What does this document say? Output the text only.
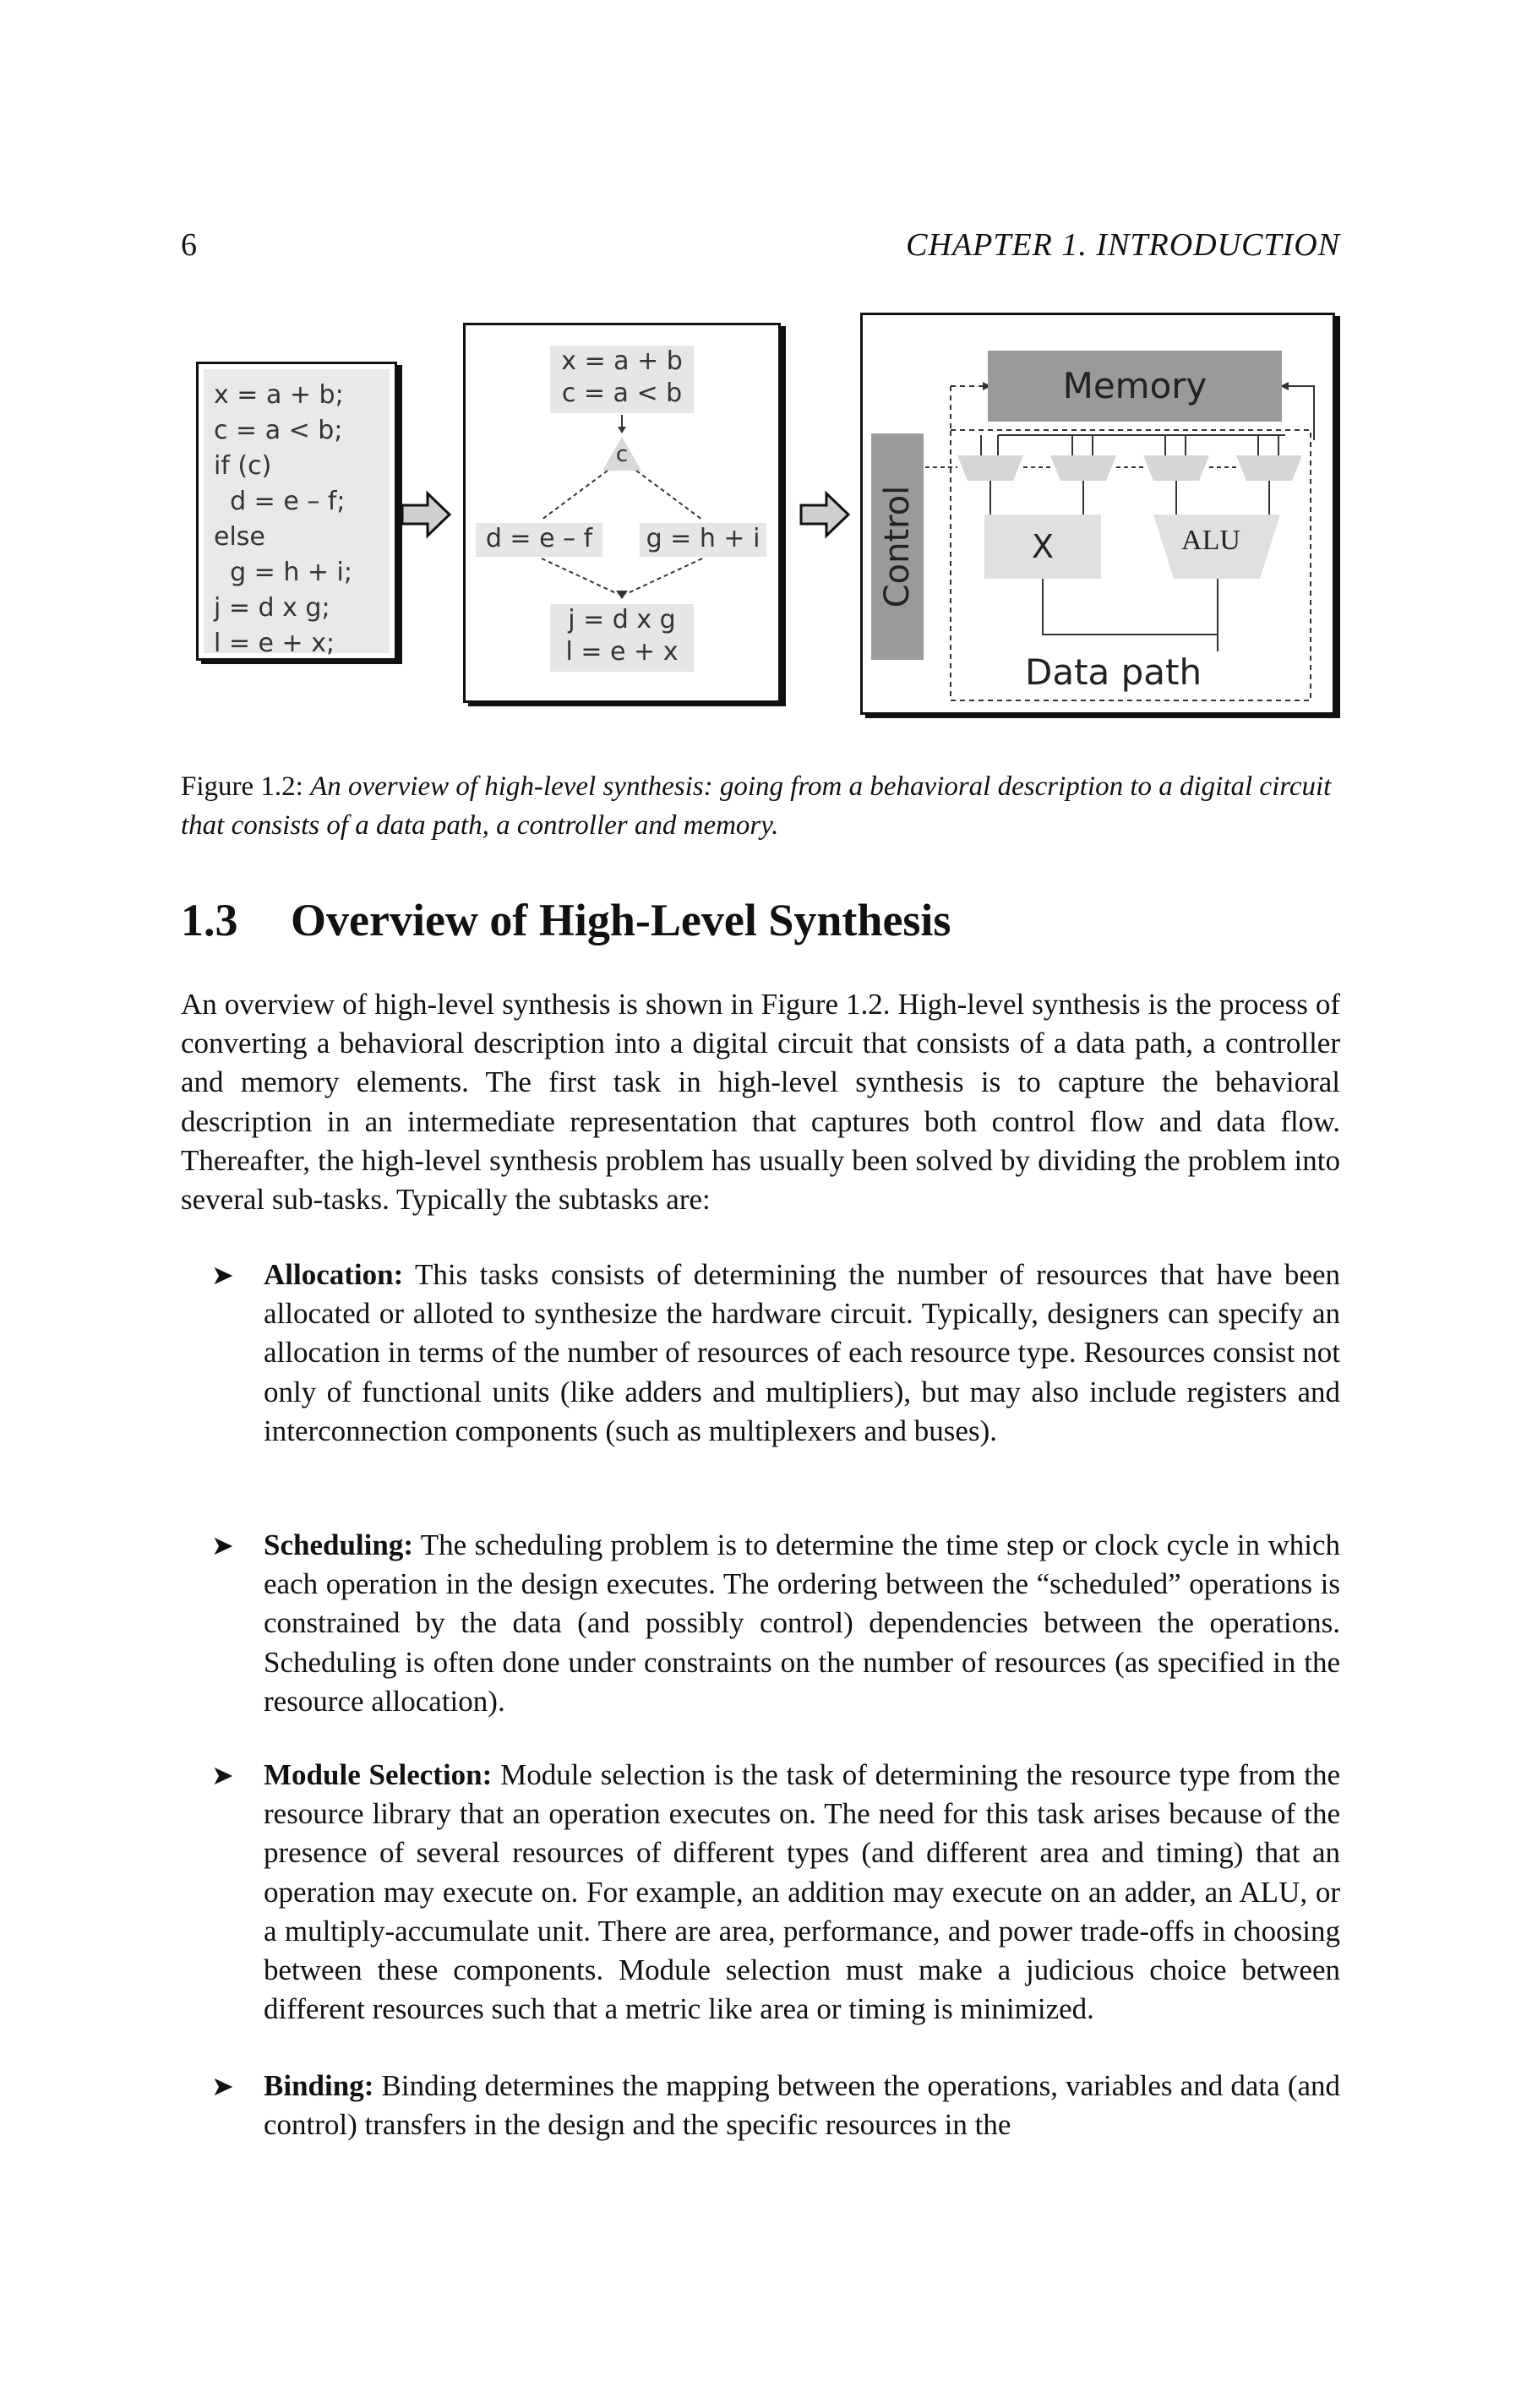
6	CHAPTER 1. INTRODUCTION
x = a + b;
c = a < b;
if (c)
d = e – f;
else
g = h + i;
j = d x g;
l = e + x;
x = a + b
c = a < b
c
d = e – f	g = h + i
j = d x g
l = e + x
Memory
Control	X	ALU
Data path
Figure 1.2: An overview of high-level synthesis: going from a behavioral description to a digital circuit that consists of a data path, a controller and memory.
1.3 Overview of High-Level Synthesis
An overview of high-level synthesis is shown in Figure 1.2. High-level synthesis is the process of converting a behavioral description into a digital circuit that consists of a data path, a controller and memory elements. The first task in high-level synthesis is to capture the behavioral description in an intermediate representation that captures both control flow and data flow. Thereafter, the high-level synthesis problem has usually been solved by dividing the problem into several sub-tasks. Typically the subtasks are:
➤ Allocation: This tasks consists of determining the number of resources that have been allocated or alloted to synthesize the hardware circuit. Typically, designers can specify an allocation in terms of the number of resources of each resource type. Resources consist not only of functional units (like adders and multipliers), but may also include registers and interconnection components (such as multiplexers and buses).
➤ Scheduling: The scheduling problem is to determine the time step or clock cycle in which each operation in the design executes. The ordering between the “scheduled” operations is constrained by the data (and possibly control) dependencies between the operations. Scheduling is often done under constraints on the number of resources (as specified in the resource allocation).
➤ Module Selection: Module selection is the task of determining the resource type from the resource library that an operation executes on. The need for this task arises because of the presence of several resources of different types (and different area and timing) that an operation may execute on. For example, an addition may execute on an adder, an ALU, or a multiply-accumulate unit. There are area, performance, and power trade-offs in choosing between these components. Module selection must make a judicious choice between different resources such that a metric like area or timing is minimized.
➤ Binding: Binding determines the mapping between the operations, variables and data (and control) transfers in the design and the specific resources in the
